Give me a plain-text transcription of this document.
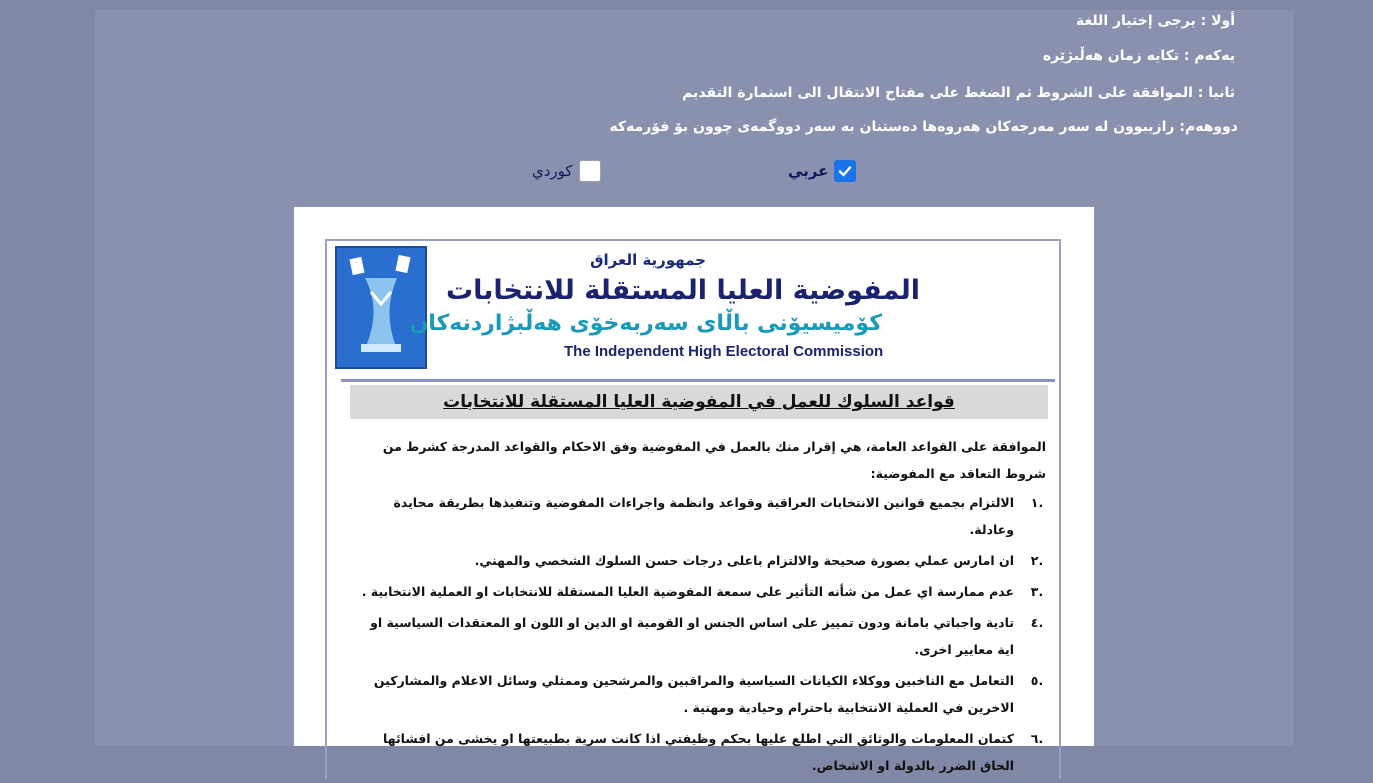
أولا : يرجى إختيار اللغة
يەكەم : تكایە زمان هەڵبژێرە
ثانيا : الموافقة على الشروط ثم الضغط على مفتاح الانتقال الى استمارة التقديم
دووهەم: رازیبوون لە سەر مەرجەكان هەروەها دەستنان بە سەر دووگمەی چوون بۆ فۆرمەكە
عربي
كوردي
جمهورية العراق
المفوضية العليا المستقلة للانتخابات
كۆمیسیۆنی باڵای سەربەخۆی هەڵبژاردنەكان
The Independent High Electoral Commission
قواعد السلوك للعمل في المفوضية العليا المستقلة للانتخابات

الموافقة على القواعد العامة، هي إقرار منك بالعمل في المفوضية وفق الاحكام والقواعد المدرجة كشرط من شروط التعاقد مع المفوضية:

.١
الالتزام بجميع قوانين الانتخابات العراقية وقواعد وانظمة واجراءات المفوضية وتنفيذها بطريقة محايدة وعادلة.
.٢
ان امارس عملي بصورة صحيحة والالتزام باعلى درجات حسن السلوك الشخصي والمهني.
.٣
عدم ممارسة اي عمل من شأنه التأثير على سمعة المفوضية العليا المستقلة للانتخابات او العملية الانتخابية .
.٤
تادية واجباتي بامانة ودون تمييز على اساس الجنس او القومية او الدين او اللون او المعتقدات السياسية او اية معايير اخرى.
.٥
التعامل مع الناخبين ووكلاء الكيانات السياسية والمراقبين والمرشحين وممثلي وسائل الاعلام والمشاركين الاخرين في العملية الانتخابية باحترام وحيادية ومهنية .
.٦
كتمان المعلومات والوثائق التي اطلع عليها بحكم وظيفتي اذا كانت سرية بطبيعتها او يخشى من افشائها الحاق الضرر بالدولة او الاشخاص.
